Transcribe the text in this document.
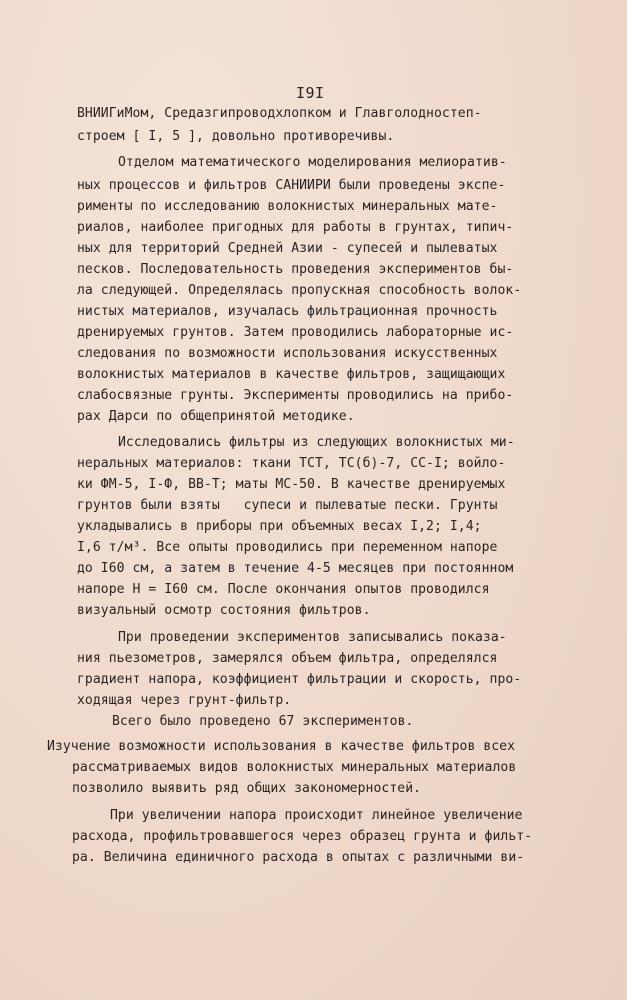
I9I
ВНИИГиМом, Средазгипроводхлопком и Главголодностеп-
строем [ I, 5 ], довольно противоречивы.
Отделом математического моделирования мелиоратив-
ных процессов и фильтров САНИИРИ были проведены экспе-
рименты по исследованию волокнистых минеральных мате-
риалов, наиболее пригодных для работы в грунтах, типич-
ных для территорий Средней Азии - супесей и пылеватых
песков. Последовательность проведения экспериментов бы-
ла следующей. Определялась пропускная способность волок-
нистых материалов, изучалась фильтрационная прочность
дренируемых грунтов. Затем проводились лабораторные ис-
следования по возможности использования искусственных
волокнистых материалов в качестве фильтров, защищающих
слабосвязные грунты. Эксперименты проводились на прибо-
рах Дарси по общепринятой методике.
Исследовались фильтры из следующих волокнистых ми-
неральных материалов: ткани ТСТ, ТС(б)-7, СС-I; войло-
ки ФМ-5, I-Ф, ВВ-Т; маты МС-50. В качестве дренируемых
грунтов были взяты   супеси и пылеватые пески. Грунты
укладывались в приборы при объемных весах I,2; I,4;
I,6 т/м³. Все опыты проводились при переменном напоре
до I60 см, а затем в течение 4-5 месяцев при постоянном
напоре Н = I60 см. После окончания опытов проводился
визуальный осмотр состояния фильтров.
При проведении экспериментов записывались показа-
ния пьезометров, замерялся объем фильтра, определялся
градиент напора, коэффициент фильтрации и скорость, про-
ходящая через грунт-фильтр.
Всего было проведено 67 экспериментов.
Изучение возможности использования в качестве фильтров всех
рассматриваемых видов волокнистых минеральных материалов
позволило выявить ряд общих закономерностей.
При увеличении напора происходит линейное увеличение
расхода, профильтровавшегося через образец грунта и фильт-
ра. Величина единичного расхода в опытах с различными ви-
